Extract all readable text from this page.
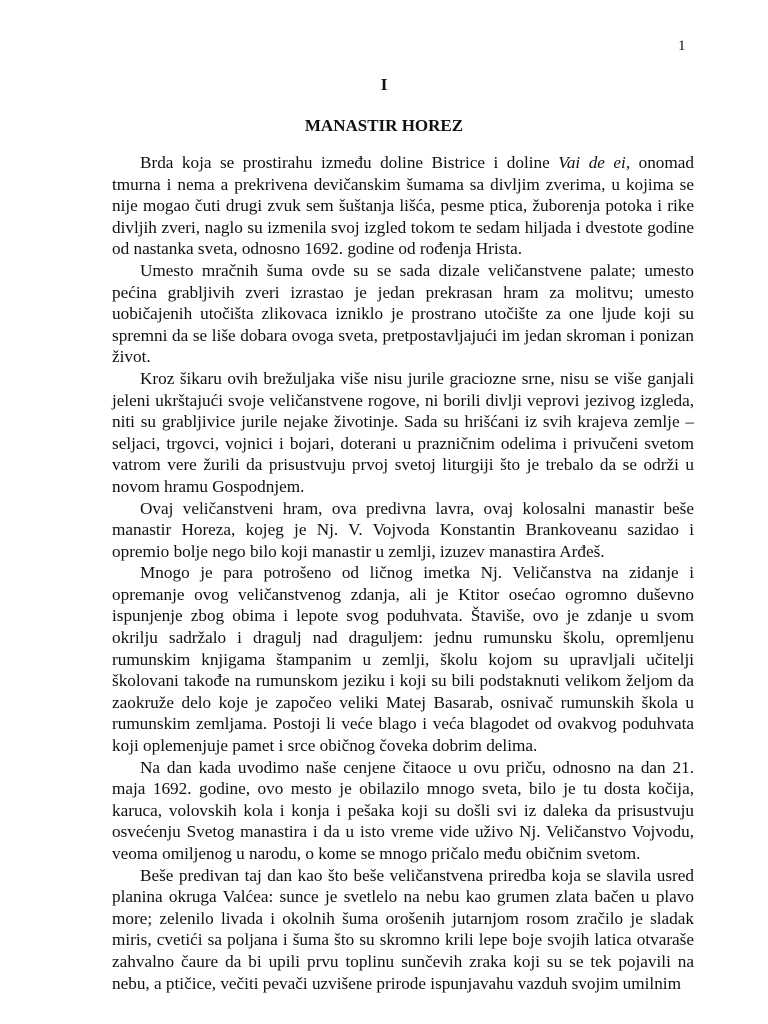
1
I
MANASTIR HOREZ

Brda koja se prostirahu između doline Bistrice i doline Vai de ei, onomad tmurna i nema a prekrivena devičanskim šumama sa divljim zverima, u kojima se nije mogao čuti drugi zvuk sem šuštanja lišća, pesme ptica, žuborenja potoka i rike divljih zveri, naglo su izmenila svoj izgled tokom te sedam hiljada i dvestote godine od nastanka sveta, odnosno 1692. godine od rođenja Hrista.

Umesto mračnih šuma ovde su se sada dizale veličanstvene palate; umesto pećina grabljivih zveri izrastao je jedan prekrasan hram za molitvu; umesto uobičajenih utočišta zlikovaca izniklo je prostrano utočište za one ljude koji su spremni da se liše dobara ovoga sveta, pretpostavljajući im jedan skroman i ponizan život.

Kroz šikaru ovih brežuljaka više nisu jurile graciozne srne, nisu se više ganjali jeleni ukrštajući svoje veličanstvene rogove, ni borili divlji veprovi jezivog izgleda, niti su grabljivice jurile nejake životinje. Sada su hrišćani iz svih krajeva zemlje – seljaci, trgovci, vojnici i bojari, doterani u prazničnim odelima i privučeni svetom vatrom vere žurili da prisustvuju prvoj svetoj liturgiji što je trebalo da se održi u novom hramu Gospodnjem.

Ovaj veličanstveni hram, ova predivna lavra, ovaj kolosalni manastir beše manastir Horeza, kojeg je Nj. V. Vojvoda Konstantin Brankoveanu sazidao i opremio bolje nego bilo koji manastir u zemlji, izuzev manastira Arđeš.

Mnogo je para potrošeno od ličnog imetka Nj. Veličanstva na zidanje i opremanje ovog veličanstvenog zdanja, ali je Ktitor osećao ogromno duševno ispunjenje zbog obima i lepote svog poduhvata. Štaviše, ovo je zdanje u svom okrilju sadržalo i dragulj nad draguljem: jednu rumunsku školu, opremljenu rumunskim knjigama štampanim u zemlji, školu kojom su upravljali učitelji školovani takođe na rumunskom jeziku i koji su bili podstaknuti velikom željom da zaokruže delo koje je započeo veliki Matej Basarab, osnivač rumunskih škola u rumunskim zemljama. Postoji li veće blago i veća blagodet od ovakvog poduhvata koji oplemenjuje pamet i srce običnog čoveka dobrim delima.

Na dan kada uvodimo naše cenjene čitaoce u ovu priču, odnosno na dan 21. maja 1692. godine, ovo mesto je obilazilo mnogo sveta, bilo je tu dosta kočija, karuca, volovskih kola i konja i pešaka koji su došli svi iz daleka da prisustvuju osvećenju Svetog manastira i da u isto vreme vide uživo Nj. Veličanstvo Vojvodu, veoma omiljenog u narodu, o kome se mnogo pričalo među običnim svetom.

Beše predivan taj dan kao što beše veličanstvena priredba koja se slavila usred planina okruga Valćea: sunce je svetlelo na nebu kao grumen zlata bačen u plavo more; zelenilo livada i okolnih šuma orošenih jutarnjom rosom zračilo je sladak miris, cvetići sa poljana i šuma što su skromno krili lepe boje svojih latica otvaraše zahvalno čaure da bi upili prvu toplinu sunčevih zraka koji su se tek pojavili na nebu, a ptičice, večiti pevači uzvišene prirode ispunjavahu vazduh svojim umilnim
